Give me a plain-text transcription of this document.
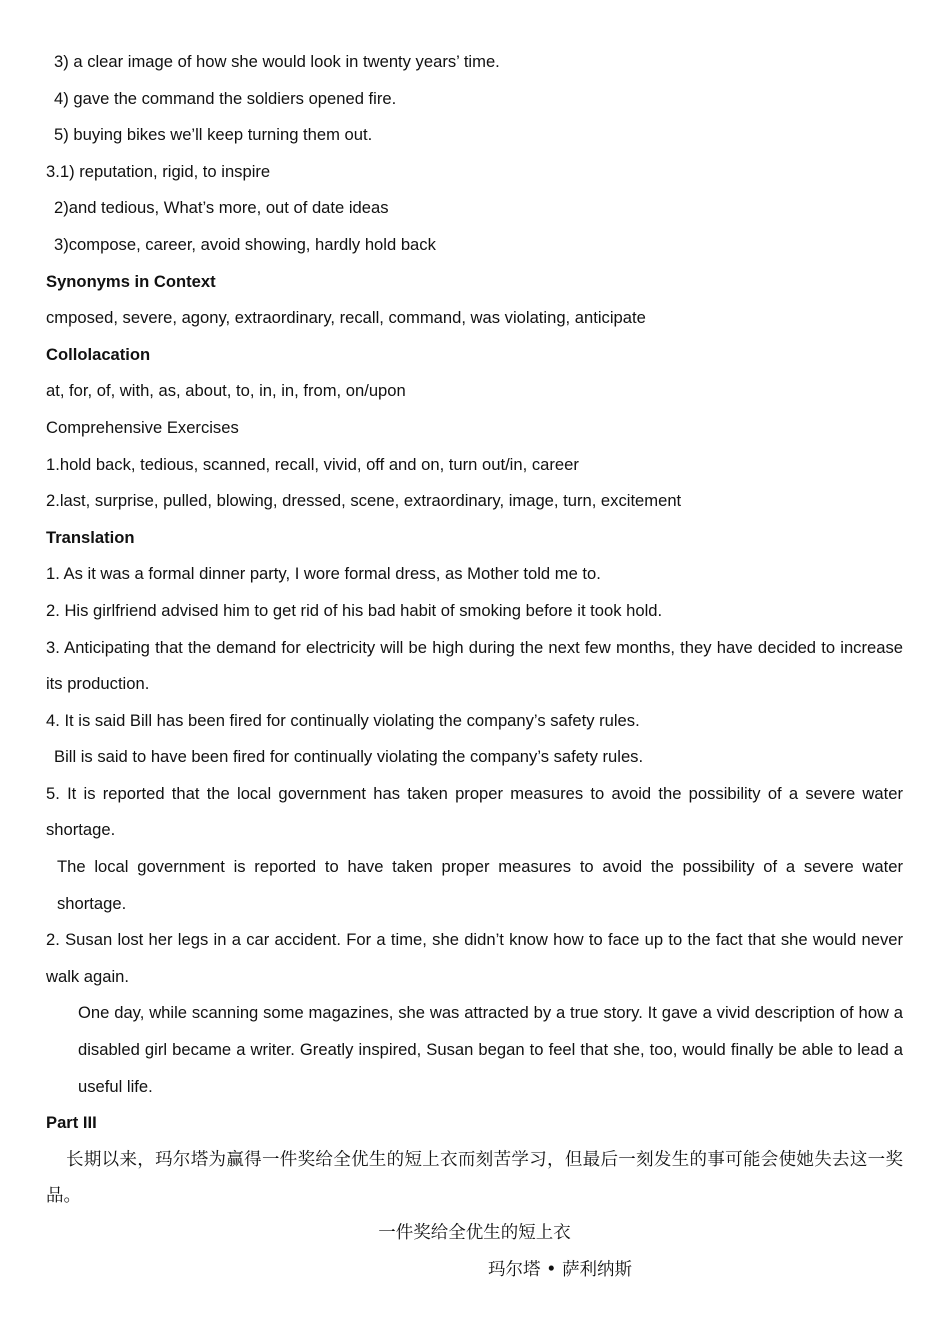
3) a clear image of how she would look in twenty years’ time.
4) gave the command the soldiers opened fire.
5) buying bikes we’ll keep turning them out.
3.1) reputation, rigid, to inspire
2)and tedious, What’s more, out of date ideas
3)compose, career, avoid showing, hardly hold back
Synonyms in Context
cmposed, severe, agony, extraordinary, recall, command, was violating, anticipate
Collolacation
at, for, of, with, as, about, to, in, in, from, on/upon
Comprehensive Exercises
1.hold back, tedious, scanned, recall, vivid, off and on, turn out/in, career
2.last, surprise, pulled, blowing, dressed, scene, extraordinary, image, turn, excitement
Translation
1. As it was a formal dinner party, I wore formal dress, as Mother told me to.
2. His girlfriend advised him to get rid of his bad habit of smoking before it took hold.
3. Anticipating that the demand for electricity will be high during the next few months, they have decided to increase its production.
4. It is said Bill has been fired for continually violating the company’s safety rules.
Bill is said to have been fired for continually violating the company’s safety rules.
5. It is reported that the local government has taken proper measures to avoid the possibility of a severe water shortage.
The local government is reported to have taken proper measures to avoid the possibility of a severe water shortage.
2. Susan lost her legs in a car accident. For a time, she didn’t know how to face up to the fact that she would never walk again.
One day, while scanning some magazines, she was attracted by a true story. It gave a vivid description of how a disabled girl became a writer. Greatly inspired, Susan began to feel that she, too, would finally be able to lead a useful life.
Part III
长期以来，玛尔塔为赢得一件奖给全优生的短上衣而刻苦学习，但最后一刻发生的事可能会使她失去这一奖品。
一件奖给全优生的短上衣
玛尔塔 • 萨利纳斯
